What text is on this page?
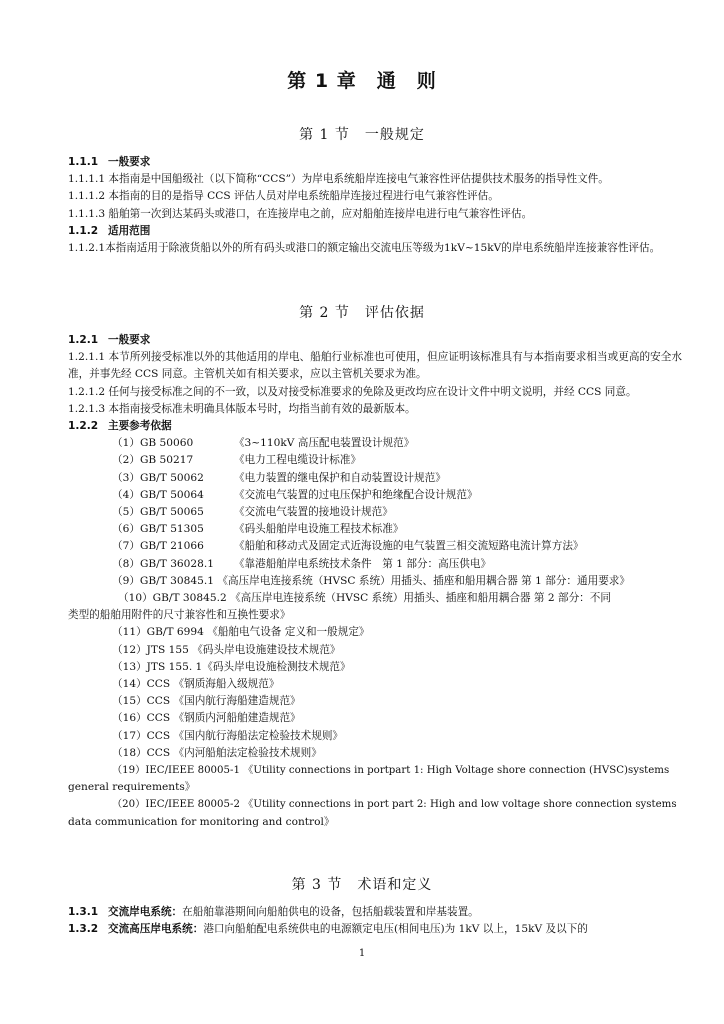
第 1 章　通　则
第 1 节　一般规定

1.1.1 一般要求

1.1.1.1 本指南是中国船级社（以下简称“CCS”）为岸电系统船岸连接电气兼容性评估提供技术服务的指导性文件。

1.1.1.2 本指南的目的是指导 CCS 评估人员对岸电系统船岸连接过程进行电气兼容性评估。

1.1.1.3 船舶第一次到达某码头或港口，在连接岸电之前，应对船舶连接岸电进行电气兼容性评估。

1.1.2 适用范围

1.1.2.1本指南适用于除液货船以外的所有码头或港口的额定输出交流电压等级为1kV~15kV的岸电系统船岸连接兼容性评估。

第 2 节　评估依据

1.2.1 一般要求

1.2.1.1 本节所列接受标准以外的其他适用的岸电、船舶行业标准也可使用，但应证明该标准具有与本指南要求相当或更高的安全水准，并事先经 CCS 同意。主管机关如有相关要求，应以主管机关要求为准。

1.2.1.2 任何与接受标准之间的不一致，以及对接受标准要求的免除及更改均应在设计文件中明文说明，并经 CCS 同意。

1.2.1.3 本指南接受标准未明确具体版本号时，均指当前有效的最新版本。

1.2.2 主要参考依据

（1）GB 50060	《3~110kV 高压配电装置设计规范》

（2）GB 50217	《电力工程电缆设计标准》

（3）GB/T 50062	《电力装置的继电保护和自动装置设计规范》

（4）GB/T 50064	《交流电气装置的过电压保护和绝缘配合设计规范》

（5）GB/T 50065	《交流电气装置的接地设计规范》

（6）GB/T 51305	《码头船舶岸电设施工程技术标准》

（7）GB/T 21066	《船舶和移动式及固定式近海设施的电气装置三相交流短路电流计算方法》

（8）GB/T 36028.1 《靠港船舶岸电系统技术条件　第 1 部分：高压供电》

（9）GB/T 30845.1 《高压岸电连接系统（HVSC 系统）用插头、插座和船用耦合器 第 1 部分：通用要求》

（10）GB/T 30845.2 《高压岸电连接系统（HVSC 系统）用插头、插座和船用耦合器 第 2 部分：不同

类型的船舶用附件的尺寸兼容性和互换性要求》

（11）GB/T 6994 《船舶电气设备 定义和一般规定》

（12）JTS 155 《码头岸电设施建设技术规范》

（13）JTS 155. 1《码头岸电设施检测技术规范》

（14）CCS 《钢质海船入级规范》

（15）CCS 《国内航行海船建造规范》

（16）CCS 《钢质内河船舶建造规范》

（17）CCS 《国内航行海船法定检验技术规则》

（18）CCS 《内河船舶法定检验技术规则》

（19）IEC/IEEE 80005-1 《Utility connections in portpart 1: High Voltage shore connection (HVSC)systems

general requirements》

（20）IEC/IEEE 80005-2 《Utility connections in port part 2: High and low voltage shore connection systems

data communication for monitoring and control》

第 3 节　术语和定义

1.3.1 交流岸电系统：在船舶靠港期间向船舶供电的设备，包括船载装置和岸基装置。

1.3.2 交流高压岸电系统：港口向船舶配电系统供电的电源额定电压(相间电压)为 1kV 以上，15kV 及以下的

1
